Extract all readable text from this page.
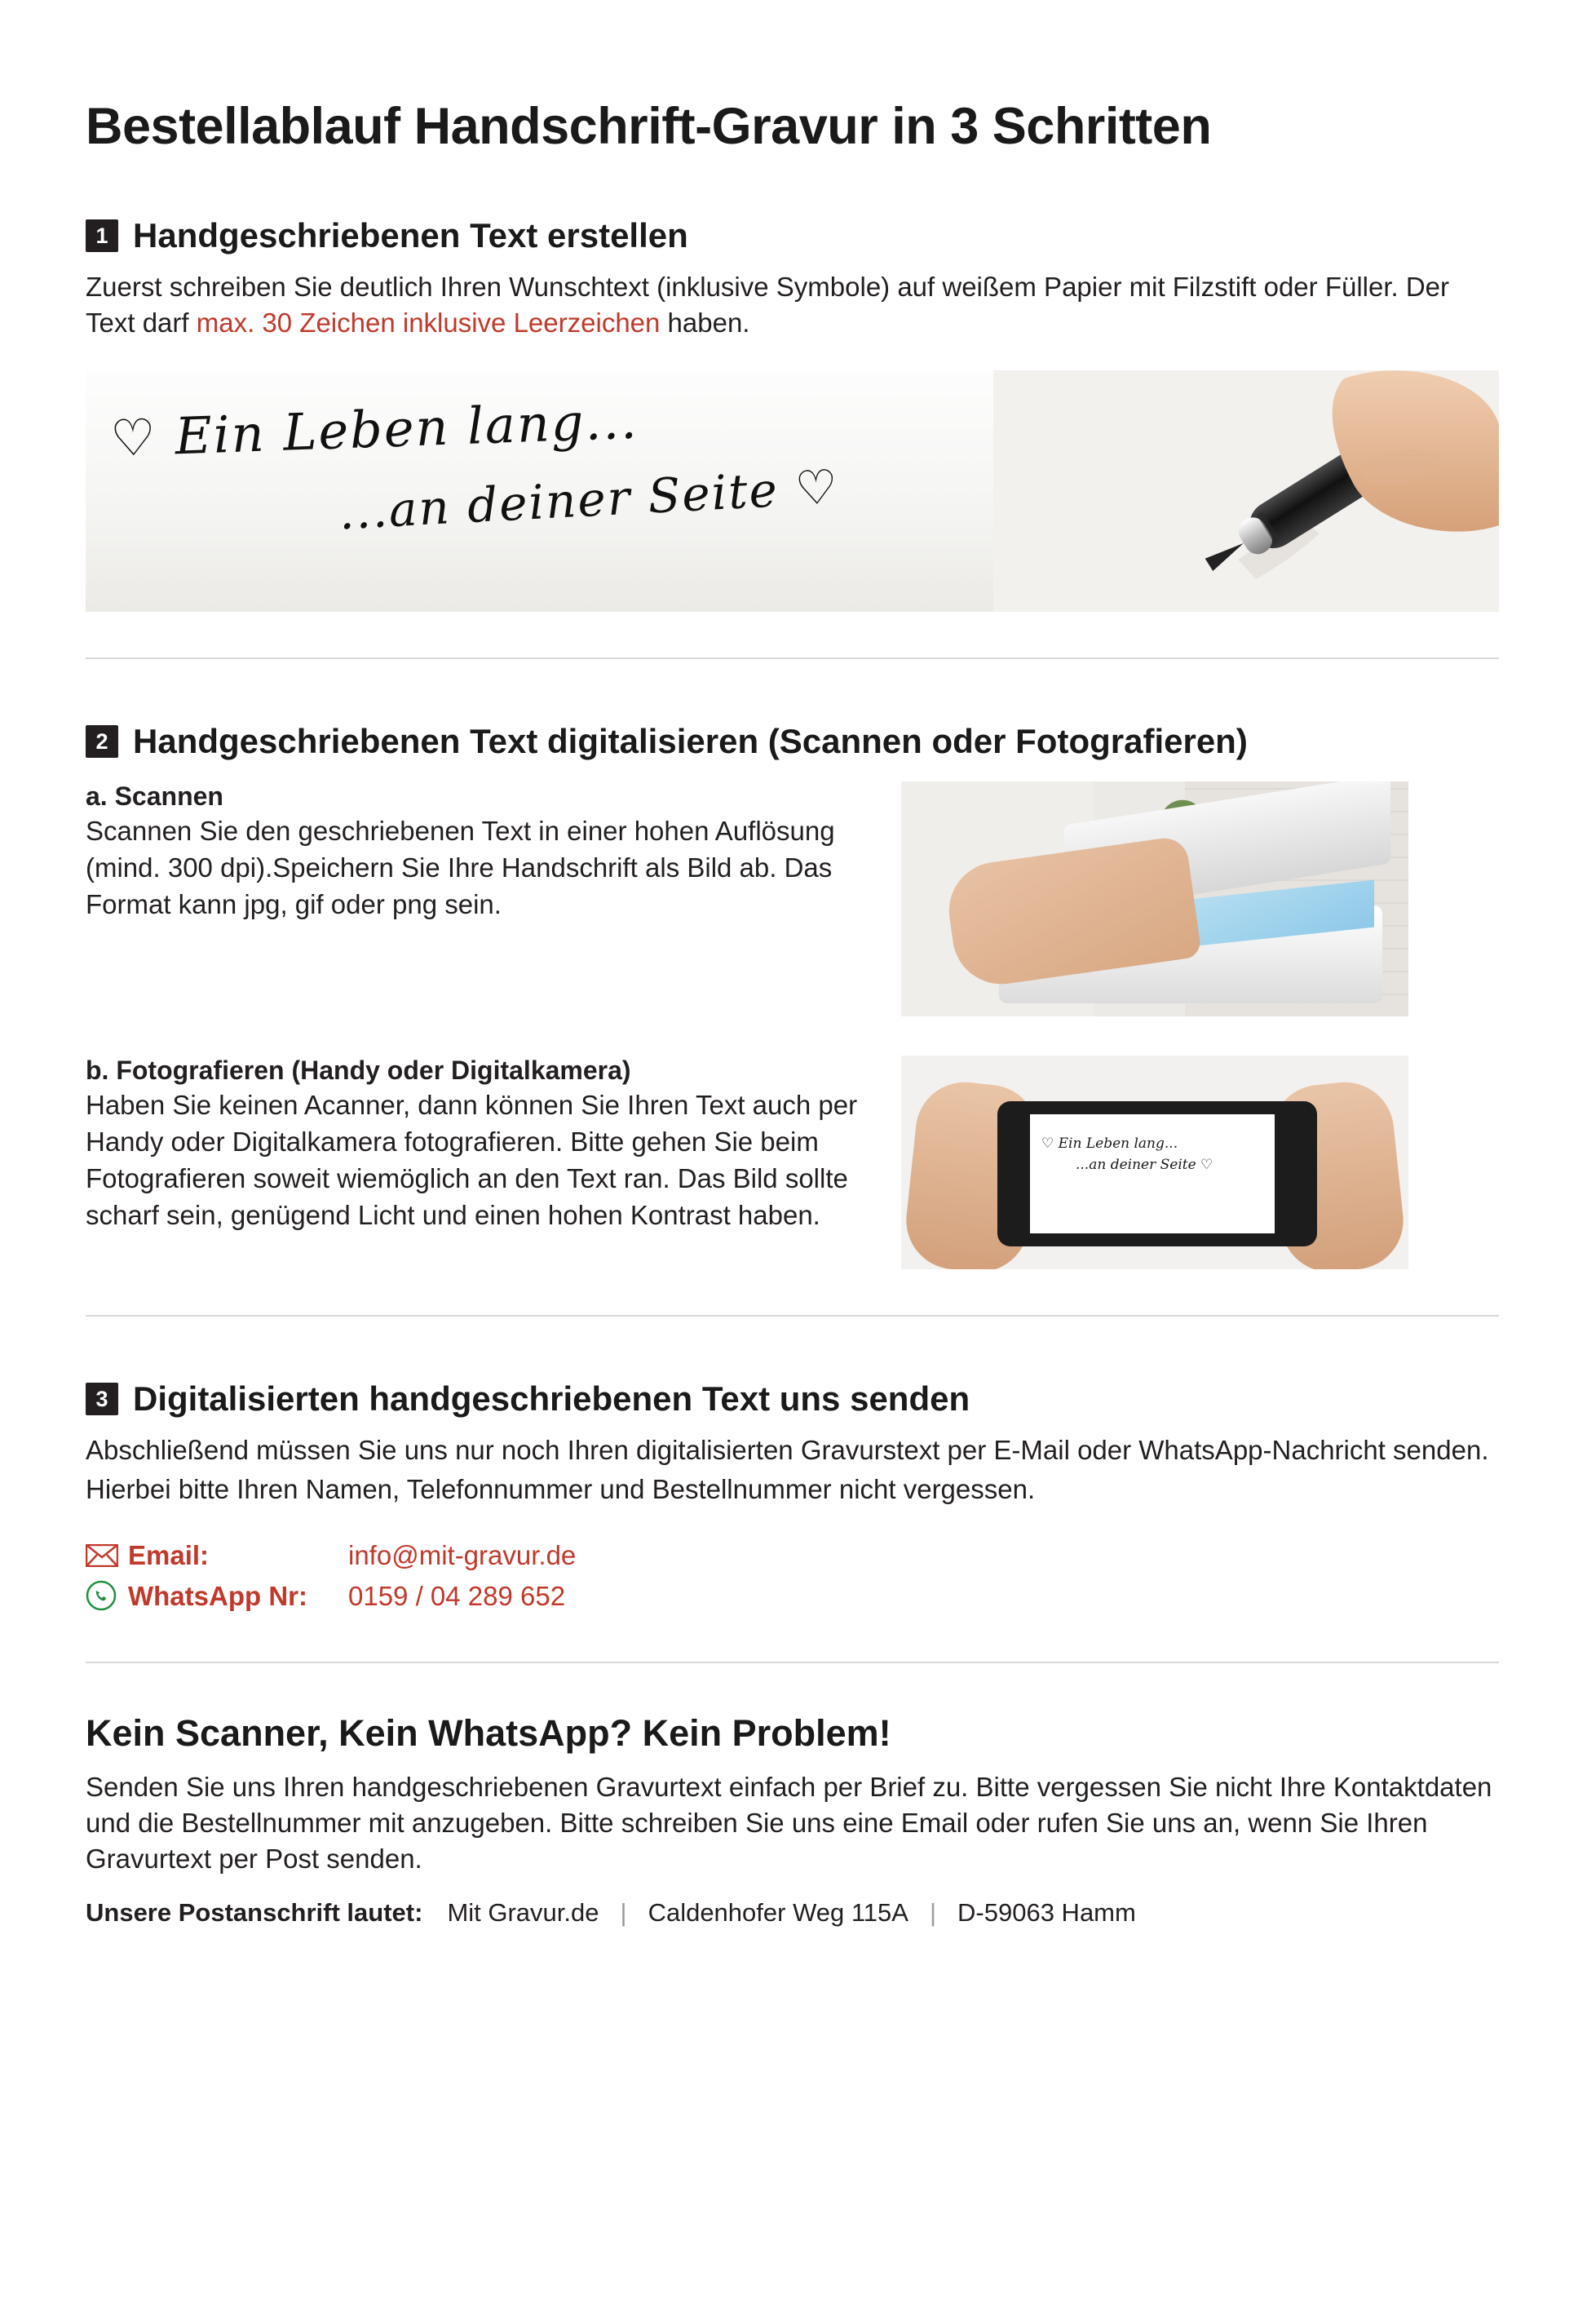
Bestellablauf Handschrift-Gravur in 3 Schritten
1 Handgeschriebenen Text erstellen

Zuerst schreiben Sie deutlich Ihren Wunschtext (inklusive Symbole) auf weißem Papier mit Filzstift oder Füller. Der Text darf max. 30 Zeichen inklusive Leerzeichen haben.

♡ Ein Leben lang...
...an deiner Seite ♡
2 Handgeschriebenen Text digitalisieren (Scannen oder Fotografieren)

a. Scannen

Scannen Sie den geschriebenen Text in einer hohen Auflösung (mind. 300 dpi).Speichern Sie Ihre Handschrift als Bild ab. Das Format kann jpg, gif oder png sein.

b. Fotografieren (Handy oder Digitalkamera)

Haben Sie keinen Acanner, dann können Sie Ihren Text auch per Handy oder Digitalkamera fotografieren. Bitte gehen Sie beim Fotografieren soweit wiemöglich an den Text ran. Das Bild sollte scharf sein, genügend Licht und einen hohen Kontrast haben.

♡ Ein Leben lang...
...an deiner Seite ♡
3 Digitalisierten handgeschriebenen Text uns senden

Abschließend müssen Sie uns nur noch Ihren digitalisierten Gravurstext per E-Mail oder WhatsApp-Nachricht senden.

Hierbei bitte Ihren Namen, Telefonnummer und Bestellnummer nicht vergessen.

Email:	info@mit-gravur.de
WhatsApp Nr:	0159 / 04 289 652
Kein Scanner, Kein WhatsApp? Kein Problem!

Senden Sie uns Ihren handgeschriebenen Gravurtext einfach per Brief zu. Bitte vergessen Sie nicht Ihre Kontaktdaten und die Bestellnummer mit anzugeben. Bitte schreiben Sie uns eine Email oder rufen Sie uns an, wenn Sie Ihren Gravurtext per Post senden.

Unsere Postanschrift lautet: Mit Gravur.de | Caldenhofer Weg 115A | D-59063 Hamm
